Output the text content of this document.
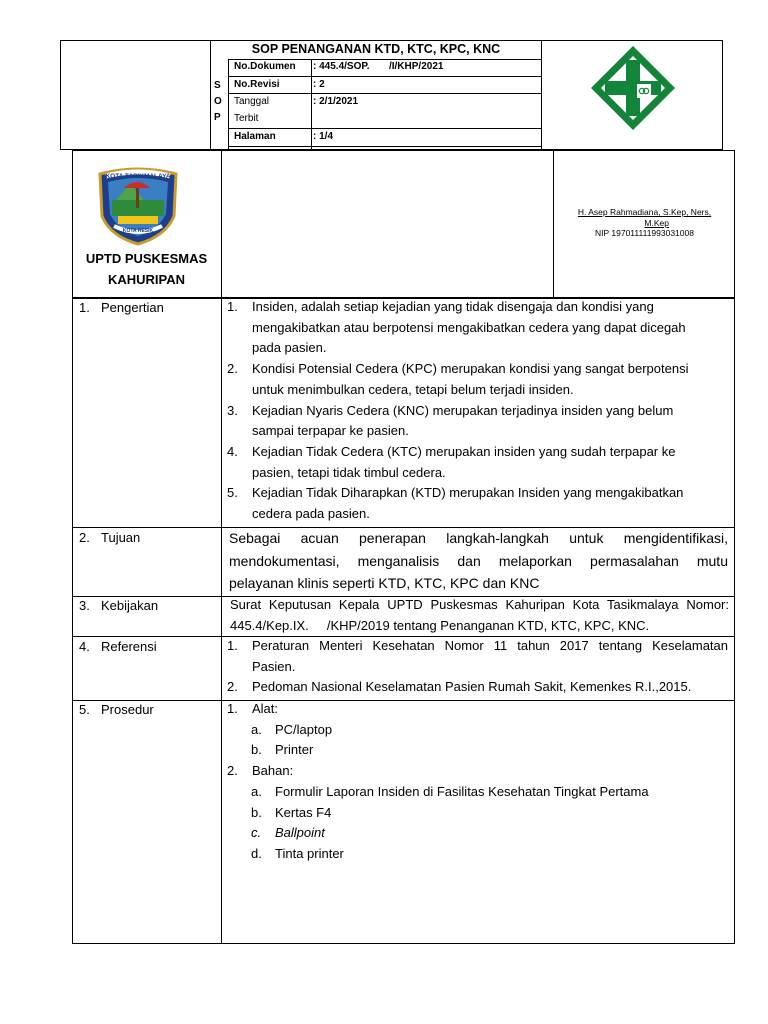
SOP PENANGANAN KTD, KTC, KPC, KNC
S
O
P
No.Dokumen : 445.4/SOP.       /I/KHP/2021
No.Revisi	: 2
Tanggal	: 2/1/2021
Terbit
Halaman	: 1/4
KOTA TASIKMALAYA
KOTA RESIK
UPTD PUSKESMAS
KAHURIPAN
H. Asep Rahmadiana, S.Kep, Ners,
M.Kep
NIP 197011111993031008
1. Pengertian	1. Insiden, adalah setiap kejadian yang tidak disengaja dan kondisi yang
mengakibatkan atau berpotensi mengakibatkan cedera yang dapat dicegah
pada pasien.
2. Kondisi Potensial Cedera (KPC) merupakan kondisi yang sangat berpotensi
untuk menimbulkan cedera, tetapi belum terjadi insiden.
3. Kejadian Nyaris Cedera (KNC) merupakan terjadinya insiden yang belum
sampai terpapar ke pasien.
4. Kejadian Tidak Cedera (KTC) merupakan insiden yang sudah terpapar ke
pasien, tetapi tidak timbul cedera.
5. Kejadian Tidak Diharapkan (KTD) merupakan Insiden yang mengakibatkan
cedera pada pasien.
2. Tujuan	Sebagai acuan penerapan langkah-langkah untuk mengidentifikasi,
mendokumentasi, menganalisis dan melaporkan permasalahan mutu
pelayanan klinis seperti KTD, KTC, KPC dan KNC
3. Kebijakan	Surat Keputusan Kepala UPTD Puskesmas Kahuripan Kota Tasikmalaya Nomor:
445.4/Kep.IX.     /KHP/2019 tentang Penanganan KTD, KTC, KPC, KNC.
4. Referensi	1. Peraturan Menteri Kesehatan Nomor 11 tahun 2017 tentang Keselamatan
Pasien.
2. Pedoman Nasional Keselamatan Pasien Rumah Sakit, Kemenkes R.I.,2015.
5. Prosedur	1. Alat:
a. PC/laptop
b. Printer
2. Bahan:
a. Formulir Laporan Insiden di Fasilitas Kesehatan Tingkat Pertama
b. Kertas F4
c. Ballpoint
d. Tinta printer
